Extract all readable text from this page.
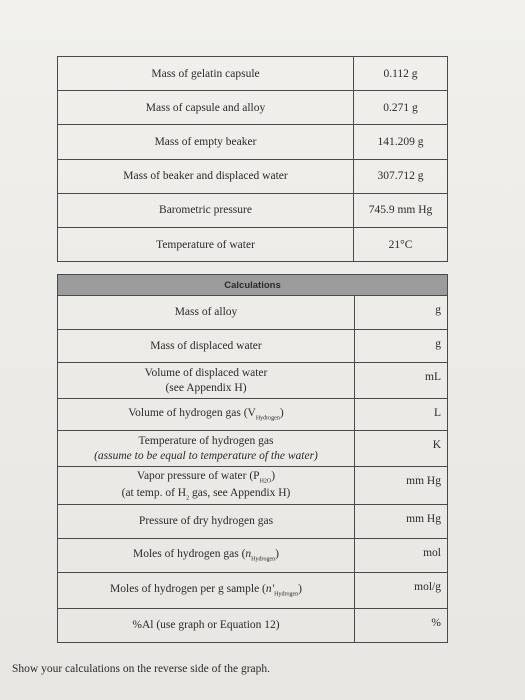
Mass of gelatin capsule	0.112 g
Mass of capsule and alloy	0.271 g
Mass of empty beaker	141.209 g
Mass of beaker and displaced water	307.712 g
Barometric pressure	745.9 mm Hg
Temperature of water	21°C
Calculations	
Mass of alloy	g
Mass of displaced water	g
Volume of displaced water
(see Appendix H)	mL
Volume of hydrogen gas $(V_{Hydrogen})$	L
Temperature of hydrogen gas
(assume to be equal to temperature of the water)	K
Vapor pressure of water $(P_{H2O})$
(at temp. of $H_2$ gas, see Appendix H)	mm Hg
Pressure of dry hydrogen gas	mm Hg
Moles of hydrogen gas $(n_{Hydrogen})$	mol
Moles of hydrogen per g sample $(n'_{Hydrogen})$	mol/g
%Al (use graph or Equation 12)	%
Show your calculations on the reverse side of the graph.
